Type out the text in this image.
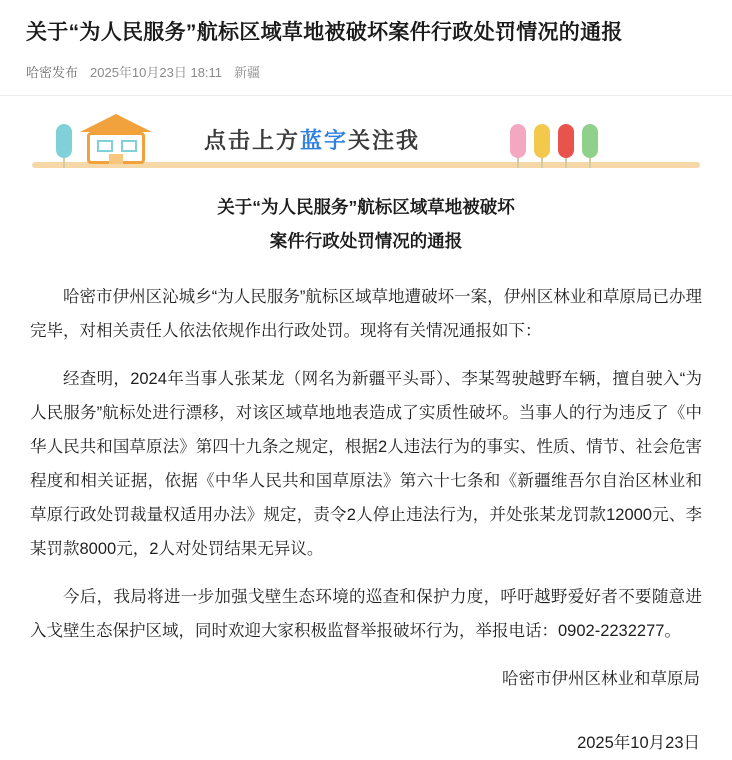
关于“为人民服务”航标区域草地被破坏案件行政处罚情况的通报
哈密发布 2025年10月23日 18:11 新疆
点击上方蓝字关注我
关于“为人民服务”航标区域草地被破坏
案件行政处罚情况的通报

哈密市伊州区沁城乡“为人民服务”航标区域草地遭破坏一案，伊州区林业和草原局已办理完毕，对相关责任人依法依规作出行政处罚。现将有关情况通报如下：

经查明，2024年当事人张某龙（网名为新疆平头哥）、李某驾驶越野车辆，擅自驶入“为人民服务”航标处进行漂移，对该区域草地地表造成了实质性破坏。当事人的行为违反了《中华人民共和国草原法》第四十九条之规定，根据2人违法行为的事实、性质、情节、社会危害程度和相关证据，依据《中华人民共和国草原法》第六十七条和《新疆维吾尔自治区林业和草原行政处罚裁量权适用办法》规定，责令2人停止违法行为，并处张某龙罚款12000元、李某罚款8000元，2人对处罚结果无异议。

今后，我局将进一步加强戈壁生态环境的巡查和保护力度，呼吁越野爱好者不要随意进入戈壁生态保护区域，同时欢迎大家积极监督举报破坏行为，举报电话：0902-2232277。

哈密市伊州区林业和草原局
2025年10月23日
